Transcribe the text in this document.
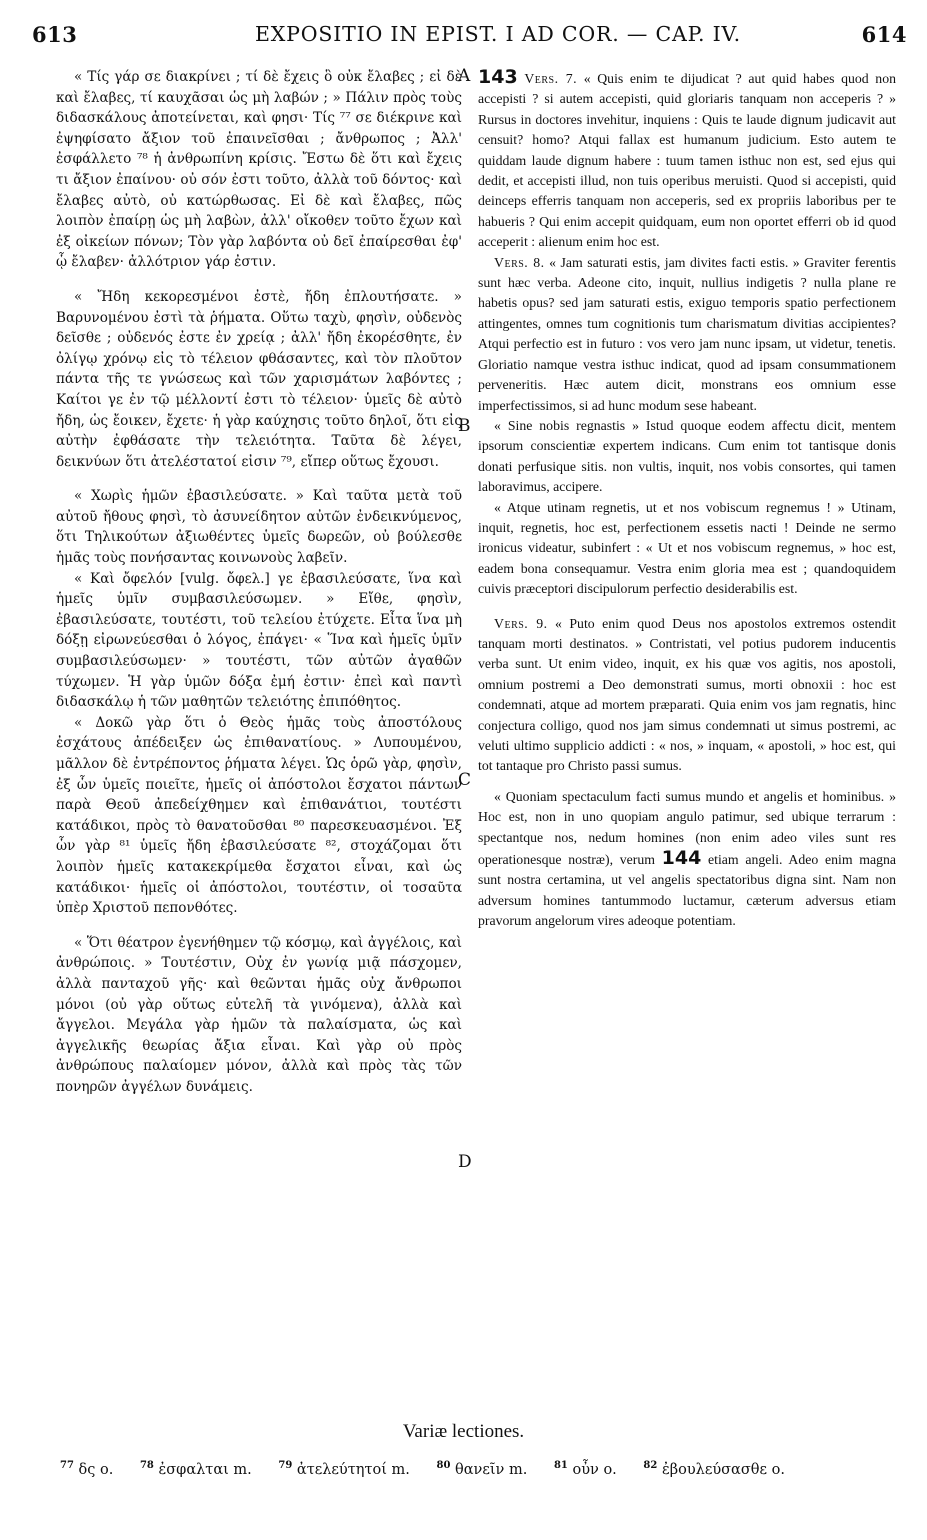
613	EXPOSITIO IN EPIST. I AD COR. — CAP. IV.	614

« Τίς γάρ σε διακρίνει ; τί δὲ ἔχεις ὃ οὐκ ἔλαβες ; εἰ δὲ καὶ ἔλαβες, τί καυχᾶσαι ὡς μὴ λαβών ; » Πάλιν πρὸς τοὺς διδασκάλους ἀποτείνεται, καὶ φησι· Τίς ⁷⁷ σε διέκρινε καὶ ἐψηφίσατο ἄξιον τοῦ ἐπαινεῖσθαι ; ἄνθρωπος ; Ἀλλ' ἐσφάλλετο ⁷⁸ ἡ ἀνθρωπίνη κρίσις. Ἔστω δὲ ὅτι καὶ ἔχεις τι ἄξιον ἐπαίνου· οὐ σόν ἐστι τοῦτο, ἀλλὰ τοῦ δόντος· καὶ ἔλαβες αὐτὸ, οὐ κατώρθωσας. Εἰ δὲ καὶ ἔλαβες, πῶς λοιπὸν ἐπαίρῃ ὡς μὴ λαβὼν, ἀλλ' οἴκοθεν τοῦτο ἔχων καὶ ἐξ οἰκείων πόνων; Τὸν γὰρ λαβόντα οὐ δεῖ ἐπαίρεσθαι ἐφ' ᾧ ἔλαβεν· ἀλλότριον γάρ ἐστιν.

« Ἤδη κεκορεσμένοι ἐστὲ, ἤδη ἐπλουτήσατε. » Βαρυνομένου ἐστὶ τὰ ῥήματα. Οὕτω ταχὺ, φησὶν, οὐδενὸς δεῖσθε ; οὐδενός ἐστε ἐν χρείᾳ ; ἀλλ' ἤδη ἐκορέσθητε, ἐν ὀλίγῳ χρόνῳ εἰς τὸ τέλειον φθάσαντες, καὶ τὸν πλοῦτον πάντα τῆς τε γνώσεως καὶ τῶν χαρισμάτων λαβόντες ; Καίτοι γε ἐν τῷ μέλλοντί ἐστι τὸ τέλειον· ὑμεῖς δὲ αὐτὸ ἤδη, ὡς ἔοικεν, ἔχετε· ἡ γὰρ καύχησις τοῦτο δηλοῖ, ὅτι εἰς αὐτὴν ἐφθάσατε τὴν τελειότητα. Ταῦτα δὲ λέγει, δεικνύων ὅτι ἀτελέστατοί εἰσιν ⁷⁹, εἴπερ οὕτως ἔχουσι.

« Χωρὶς ἡμῶν ἐβασιλεύσατε. » Καὶ ταῦτα μετὰ τοῦ αὐτοῦ ἤθους φησὶ, τὸ ἀσυνείδητον αὐτῶν ἐνδεικνύμενος, ὅτι Τηλικούτων ἀξιωθέντες ὑμεῖς δωρεῶν, οὐ βούλεσθε ἡμᾶς τοὺς πονήσαντας κοινωνοὺς λαβεῖν.

« Καὶ ὄφελόν [vulg. ὄφελ.] γε ἐβασιλεύσατε, ἵνα καὶ ἡμεῖς ὑμῖν συμβασιλεύσωμεν. » Εἴθε, φησὶν, ἐβασιλεύσατε, τουτέστι, τοῦ τελείου ἐτύχετε. Εἶτα ἵνα μὴ δόξῃ εἰρωνεύεσθαι ὁ λόγος, ἐπάγει· « Ἵνα καὶ ἡμεῖς ὑμῖν συμβασιλεύσωμεν· » τουτέστι, τῶν αὐτῶν ἀγαθῶν τύχωμεν. Ἡ γὰρ ὑμῶν δόξα ἐμή ἐστιν· ἐπεὶ καὶ παντὶ διδασκάλῳ ἡ τῶν μαθητῶν τελειότης ἐπιπόθητος.

« Δοκῶ γὰρ ὅτι ὁ Θεὸς ἡμᾶς τοὺς ἀποστόλους ἐσχάτους ἀπέδειξεν ὡς ἐπιθανατίους. » Λυπουμένου, μᾶλλον δὲ ἐντρέποντος ῥήματα λέγει. Ὡς ὁρῶ γὰρ, φησὶν, ἐξ ὧν ὑμεῖς ποιεῖτε, ἡμεῖς οἱ ἀπόστολοι ἔσχατοι πάντων παρὰ Θεοῦ ἀπεδείχθημεν καὶ ἐπιθανάτιοι, τουτέστι κατάδικοι, πρὸς τὸ θανατοῦσθαι ⁸⁰ παρεσκευασμένοι. Ἐξ ὧν γὰρ ⁸¹ ὑμεῖς ἤδη ἐβασιλεύσατε ⁸², στοχάζομαι ὅτι λοιπὸν ἡμεῖς κατακεκρίμεθα ἔσχατοι εἶναι, καὶ ὡς κατάδικοι· ἡμεῖς οἱ ἀπόστολοι, τουτέστιν, οἱ τοσαῦτα ὑπὲρ Χριστοῦ πεπονθότες.

« Ὅτι θέατρον ἐγενήθημεν τῷ κόσμῳ, καὶ ἀγγέλοις, καὶ ἀνθρώποις. » Τουτέστιν, Οὐχ ἐν γωνίᾳ μιᾷ πάσχομεν, ἀλλὰ πανταχοῦ γῆς· καὶ θεῶνται ἡμᾶς οὐχ ἄνθρωποι μόνοι (οὐ γὰρ οὕτως εὐτελῆ τὰ γινόμενα), ἀλλὰ καὶ ἄγγελοι. Μεγάλα γὰρ ἡμῶν τὰ παλαίσματα, ὡς καὶ ἀγγελικῆς θεωρίας ἄξια εἶναι. Καὶ γὰρ οὐ πρὸς ἀνθρώπους παλαίομεν μόνον, ἀλλὰ καὶ πρὸς τὰς τῶν πονηρῶν ἀγγέλων δυνάμεις.

A
B
C
D

143 Vers. 7. « Quis enim te dijudicat ? aut quid habes quod non accepisti ? si autem accepisti, quid gloriaris tanquam non acceperis ? » Rursus in doctores invehitur, inquiens : Quis te laude dignum judicavit aut censuit? homo? Atqui fallax est humanum judicium. Esto autem te quiddam laude dignum habere : tuum tamen isthuc non est, sed ejus qui dedit, et accepisti illud, non tuis operibus meruisti. Quod si accepisti, quid deinceps efferris tanquam non acceperis, sed ex propriis laboribus per te habueris ? Qui enim accepit quidquam, eum non oportet efferri ob id quod acceperit : alienum enim hoc est.

Vers. 8. « Jam saturati estis, jam divites facti estis. » Graviter ferentis sunt hæc verba. Adeone cito, inquit, nullius indigetis ? nulla plane re habetis opus? sed jam saturati estis, exiguo temporis spatio perfectionem attingentes, omnes tum cognitionis tum charismatum divitias accipientes? Atqui perfectio est in futuro : vos vero jam nunc ipsam, ut videtur, tenetis. Gloriatio namque vestra isthuc indicat, quod ad ipsam consummationem perveneritis. Hæc autem dicit, monstrans eos omnium esse imperfectissimos, si ad hunc modum sese habeant.

« Sine nobis regnastis » Istud quoque eodem affectu dicit, mentem ipsorum conscientiæ expertem indicans. Cum enim tot tantisque donis donati perfusique sitis. non vultis, inquit, nos vobis consortes, qui tamen laboravimus, accipere.

« Atque utinam regnetis, ut et nos vobiscum regnemus ! » Utinam, inquit, regnetis, hoc est, perfectionem essetis nacti ! Deinde ne sermo ironicus videatur, subinfert : « Ut et nos vobiscum regnemus, » hoc est, eadem bona consequamur. Vestra enim gloria mea est ; quandoquidem cuivis præceptori discipulorum perfectio desiderabilis est.

Vers. 9. « Puto enim quod Deus nos apostolos extremos ostendit tanquam morti destinatos. » Contristati, vel potius pudorem inducentis verba sunt. Ut enim video, inquit, ex his quæ vos agitis, nos apostoli, omnium postremi a Deo demonstrati sumus, morti obnoxii : hoc est condemnati, atque ad mortem præparati. Quia enim vos jam regnatis, hinc conjectura colligo, quod nos jam simus condemnati ut simus postremi, ac veluti ultimo supplicio addicti : « nos, » inquam, « apostoli, » hoc est, qui tot tantaque pro Christo passi sumus.

« Quoniam spectaculum facti sumus mundo et angelis et hominibus. » Hoc est, non in uno quopiam angulo patimur, sed ubique terrarum : spectantque nos, nedum homines (non enim adeo viles sunt res operationesque nostræ), verum 144 etiam angeli. Adeo enim magna sunt nostra certamina, ut vel angelis spectatoribus digna sint. Nam non adversum homines tantummodo luctamur, cæterum adversus etiam pravorum angelorum vires adeoque potentiam.

Variæ lectiones.
$^{77}$ δς ο.	$^{78}$ ἐσφαλται m.	$^{79}$ ἀτελεύτητοί m.	$^{80}$ θανεῖν m.	$^{81}$ οὖν ο.	$^{82}$ ἐβουλεύσασθε ο.
